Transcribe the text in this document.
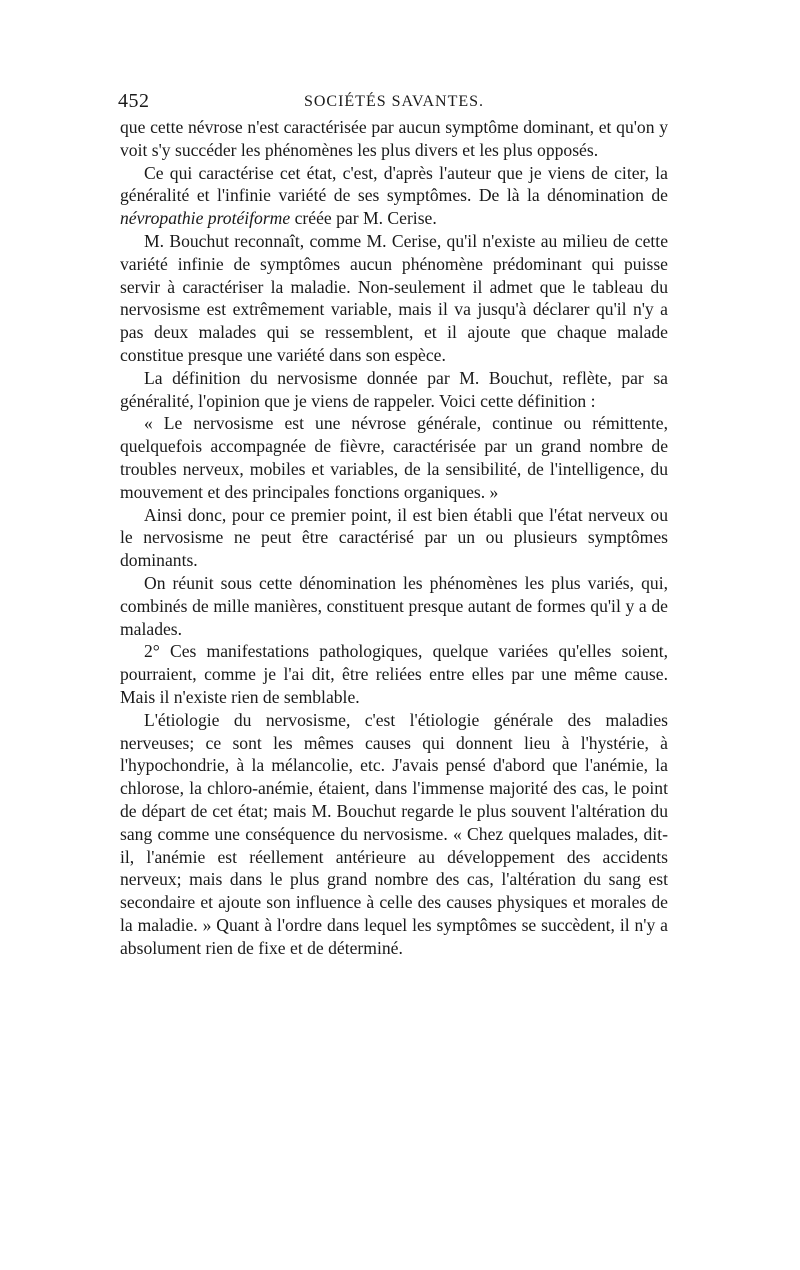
452	SOCIÉTÉS SAVANTES.

que cette névrose n'est caractérisée par aucun symptôme dominant, et qu'on y voit s'y succéder les phénomènes les plus divers et les plus opposés.

Ce qui caractérise cet état, c'est, d'après l'auteur que je viens de citer, la généralité et l'infinie variété de ses symptômes. De là la dénomination de névropathie protéiforme créée par M. Cerise.

M. Bouchut reconnaît, comme M. Cerise, qu'il n'existe au milieu de cette variété infinie de symptômes aucun phénomène prédominant qui puisse servir à caractériser la maladie. Non-seulement il admet que le tableau du nervosisme est extrêmement variable, mais il va jusqu'à déclarer qu'il n'y a pas deux malades qui se ressemblent, et il ajoute que chaque malade constitue presque une variété dans son espèce.

La définition du nervosisme donnée par M. Bouchut, reflète, par sa généralité, l'opinion que je viens de rappeler. Voici cette définition :

« Le nervosisme est une névrose générale, continue ou rémittente, quelquefois accompagnée de fièvre, caractérisée par un grand nombre de troubles nerveux, mobiles et variables, de la sensibilité, de l'intelligence, du mouvement et des principales fonctions organiques. »

Ainsi donc, pour ce premier point, il est bien établi que l'état nerveux ou le nervosisme ne peut être caractérisé par un ou plusieurs symptômes dominants.

On réunit sous cette dénomination les phénomènes les plus variés, qui, combinés de mille manières, constituent presque autant de formes qu'il y a de malades.

2° Ces manifestations pathologiques, quelque variées qu'elles soient, pourraient, comme je l'ai dit, être reliées entre elles par une même cause. Mais il n'existe rien de semblable.

L'étiologie du nervosisme, c'est l'étiologie générale des maladies nerveuses; ce sont les mêmes causes qui donnent lieu à l'hystérie, à l'hypochondrie, à la mélancolie, etc. J'avais pensé d'abord que l'anémie, la chlorose, la chloro-anémie, étaient, dans l'immense majorité des cas, le point de départ de cet état; mais M. Bouchut regarde le plus souvent l'altération du sang comme une conséquence du nervosisme. « Chez quelques malades, dit-il, l'anémie est réellement antérieure au développement des accidents nerveux; mais dans le plus grand nombre des cas, l'altération du sang est secondaire et ajoute son influence à celle des causes physiques et morales de la maladie. » Quant à l'ordre dans lequel les symptômes se succèdent, il n'y a absolument rien de fixe et de déterminé.
